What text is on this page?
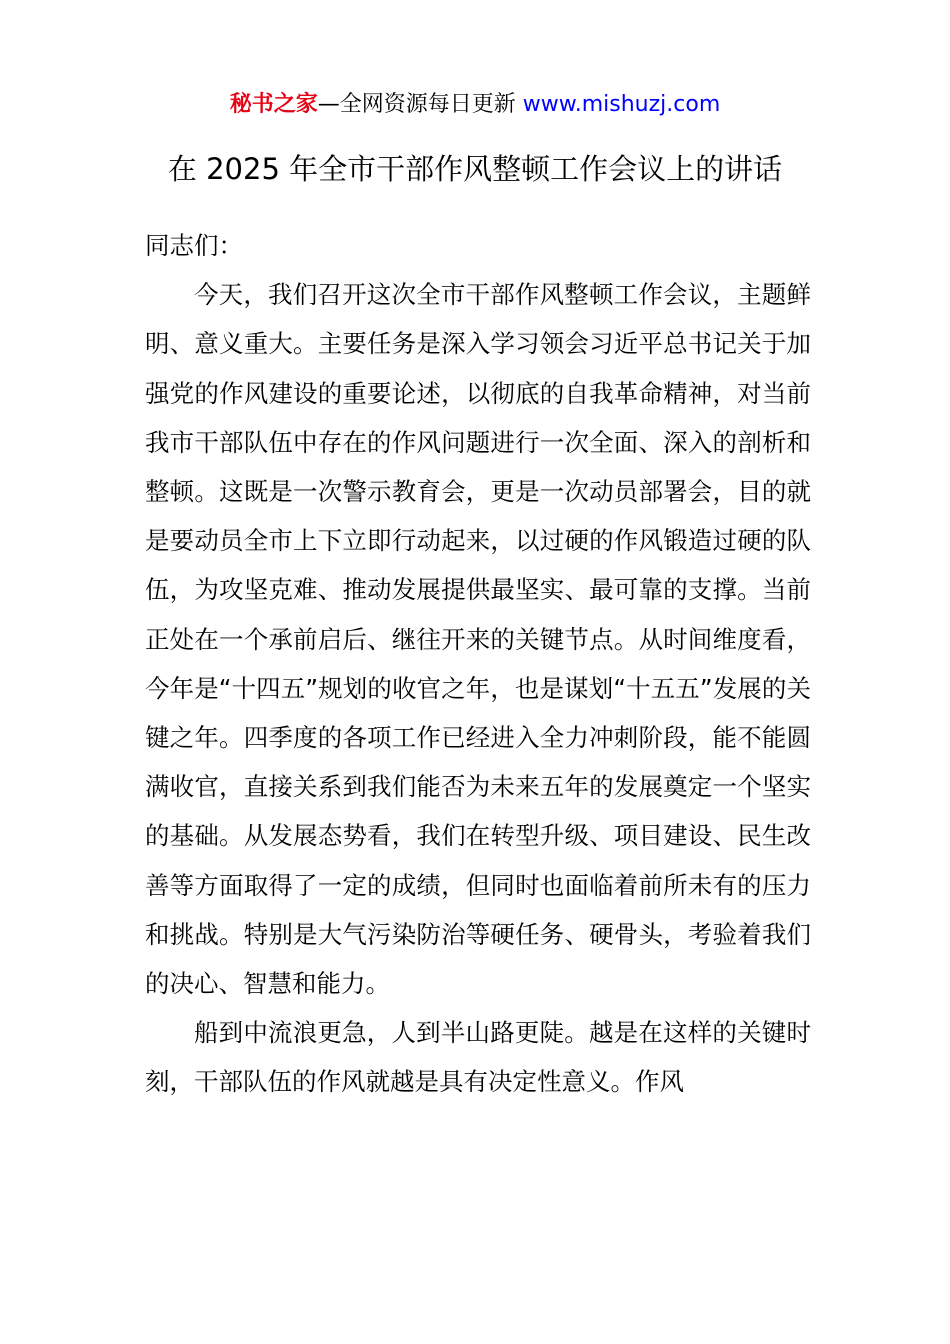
秘书之家—全网资源每日更新 www.mishuzj.com
在 2025 年全市干部作风整顿工作会议上的讲话

同志们：

今天，我们召开这次全市干部作风整顿工作会议，主题鲜明、意义重大。主要任务是深入学习领会习近平总书记关于加强党的作风建设的重要论述，以彻底的自我革命精神，对当前我市干部队伍中存在的作风问题进行一次全面、深入的剖析和整顿。这既是一次警示教育会，更是一次动员部署会，目的就是要动员全市上下立即行动起来，以过硬的作风锻造过硬的队伍，为攻坚克难、推动发展提供最坚实、最可靠的支撑。当前正处在一个承前启后、继往开来的关键节点。从时间维度看，今年是“十四五”规划的收官之年，也是谋划“十五五”发展的关键之年。四季度的各项工作已经进入全力冲刺阶段，能不能圆满收官，直接关系到我们能否为未来五年的发展奠定一个坚实的基础。从发展态势看，我们在转型升级、项目建设、民生改善等方面取得了一定的成绩，但同时也面临着前所未有的压力和挑战。特别是大气污染防治等硬任务、硬骨头，考验着我们的决心、智慧和能力。

船到中流浪更急，人到半山路更陡。越是在这样的关键时刻，干部队伍的作风就越是具有决定性意义。作风
